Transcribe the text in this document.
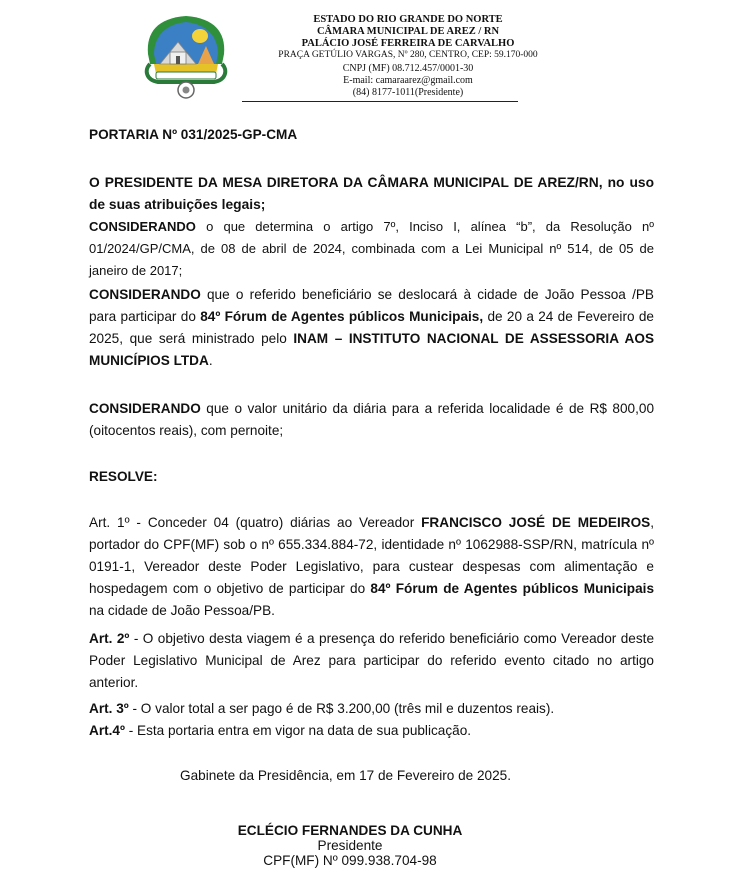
ESTADO DO RIO GRANDE DO NORTE
CÂMARA MUNICIPAL DE AREZ / RN
PALÁCIO JOSÉ FERREIRA DE CARVALHO
PRAÇA GETÚLIO VARGAS, Nº 280, CENTRO, CEP: 59.170-000
CNPJ (MF) 08.712.457/0001-30
E-mail: camaraarez@gmail.com
(84) 8177-1011(Presidente)
PORTARIA Nº 031/2025-GP-CMA
O PRESIDENTE DA MESA DIRETORA DA CÂMARA MUNICIPAL DE AREZ/RN, no uso de suas atribuições legais;
CONSIDERANDO o que determina o artigo 7º, Inciso I, alínea “b”, da Resolução nº 01/2024/GP/CMA, de 08 de abril de 2024, combinada com a Lei Municipal nº 514, de 05 de janeiro de 2017;
CONSIDERANDO que o referido beneficiário se deslocará à cidade de João Pessoa /PB para participar do 84º Fórum de Agentes públicos Municipais, de 20 a 24 de Fevereiro de 2025, que será ministrado pelo INAM – INSTITUTO NACIONAL DE ASSESSORIA AOS MUNICÍPIOS LTDA.
CONSIDERANDO que o valor unitário da diária para a referida localidade é de R$ 800,00 (oitocentos reais), com pernoite;
RESOLVE:
Art. 1º - Conceder 04 (quatro) diárias ao Vereador FRANCISCO JOSÉ DE MEDEIROS, portador do CPF(MF) sob o nº 655.334.884-72, identidade nº 1062988-SSP/RN, matrícula nº 0191-1, Vereador deste Poder Legislativo, para custear despesas com alimentação e hospedagem com o objetivo de participar do 84º Fórum de Agentes públicos Municipais na cidade de João Pessoa/PB.
Art. 2º - O objetivo desta viagem é a presença do referido beneficiário como Vereador deste Poder Legislativo Municipal de Arez para participar do referido evento citado no artigo anterior.
Art. 3º - O valor total a ser pago é de R$ 3.200,00 (três mil e duzentos reais).
Art.4º - Esta portaria entra em vigor na data de sua publicação.
Gabinete da Presidência, em 17 de Fevereiro de 2025.
ECLÉCIO FERNANDES DA CUNHA
Presidente
CPF(MF) Nº 099.938.704-98
